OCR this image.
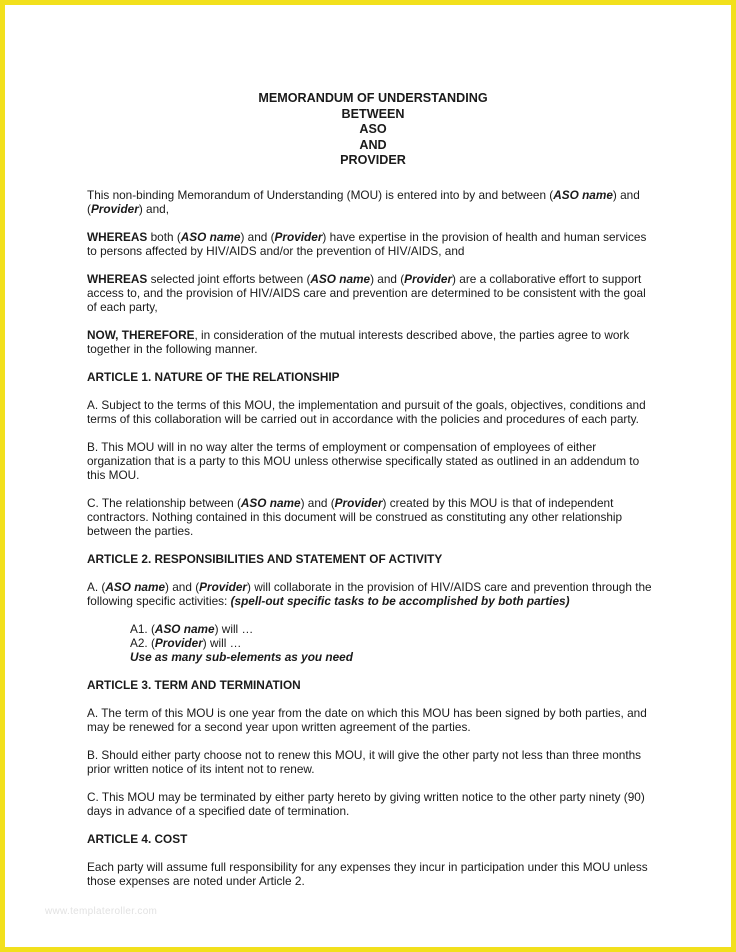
MEMORANDUM OF UNDERSTANDING
BETWEEN
ASO
AND
PROVIDER

This non-binding Memorandum of Understanding (MOU) is entered into by and between (ASO name) and (Provider) and,

WHEREAS both (ASO name) and (Provider) have expertise in the provision of health and human services to persons affected by HIV/AIDS and/or the prevention of HIV/AIDS, and

WHEREAS selected joint efforts between (ASO name) and (Provider) are a collaborative effort to support access to, and the provision of HIV/AIDS care and prevention are determined to be consistent with the goal of each party,

NOW, THEREFORE, in consideration of the mutual interests described above, the parties agree to work together in the following manner.

ARTICLE 1. NATURE OF THE RELATIONSHIP

A. Subject to the terms of this MOU, the implementation and pursuit of the goals, objectives, conditions and terms of this collaboration will be carried out in accordance with the policies and procedures of each party.

B. This MOU will in no way alter the terms of employment or compensation of employees of either organization that is a party to this MOU unless otherwise specifically stated as outlined in an addendum to this MOU.

C. The relationship between (ASO name) and (Provider) created by this MOU is that of independent contractors. Nothing contained in this document will be construed as constituting any other relationship between the parties.

ARTICLE 2. RESPONSIBILITIES AND STATEMENT OF ACTIVITY

A. (ASO name) and (Provider) will collaborate in the provision of HIV/AIDS care and prevention through the following specific activities: (spell-out specific tasks to be accomplished by both parties)

A1. (ASO name) will …

A2. (Provider) will …

Use as many sub-elements as you need

ARTICLE 3. TERM AND TERMINATION

A. The term of this MOU is one year from the date on which this MOU has been signed by both parties, and may be renewed for a second year upon written agreement of the parties.

B. Should either party choose not to renew this MOU, it will give the other party not less than three months prior written notice of its intent not to renew.

C. This MOU may be terminated by either party hereto by giving written notice to the other party ninety (90) days in advance of a specified date of termination.

ARTICLE 4. COST

Each party will assume full responsibility for any expenses they incur in participation under this MOU unless those expenses are noted under Article 2.

www.templateroller.com
